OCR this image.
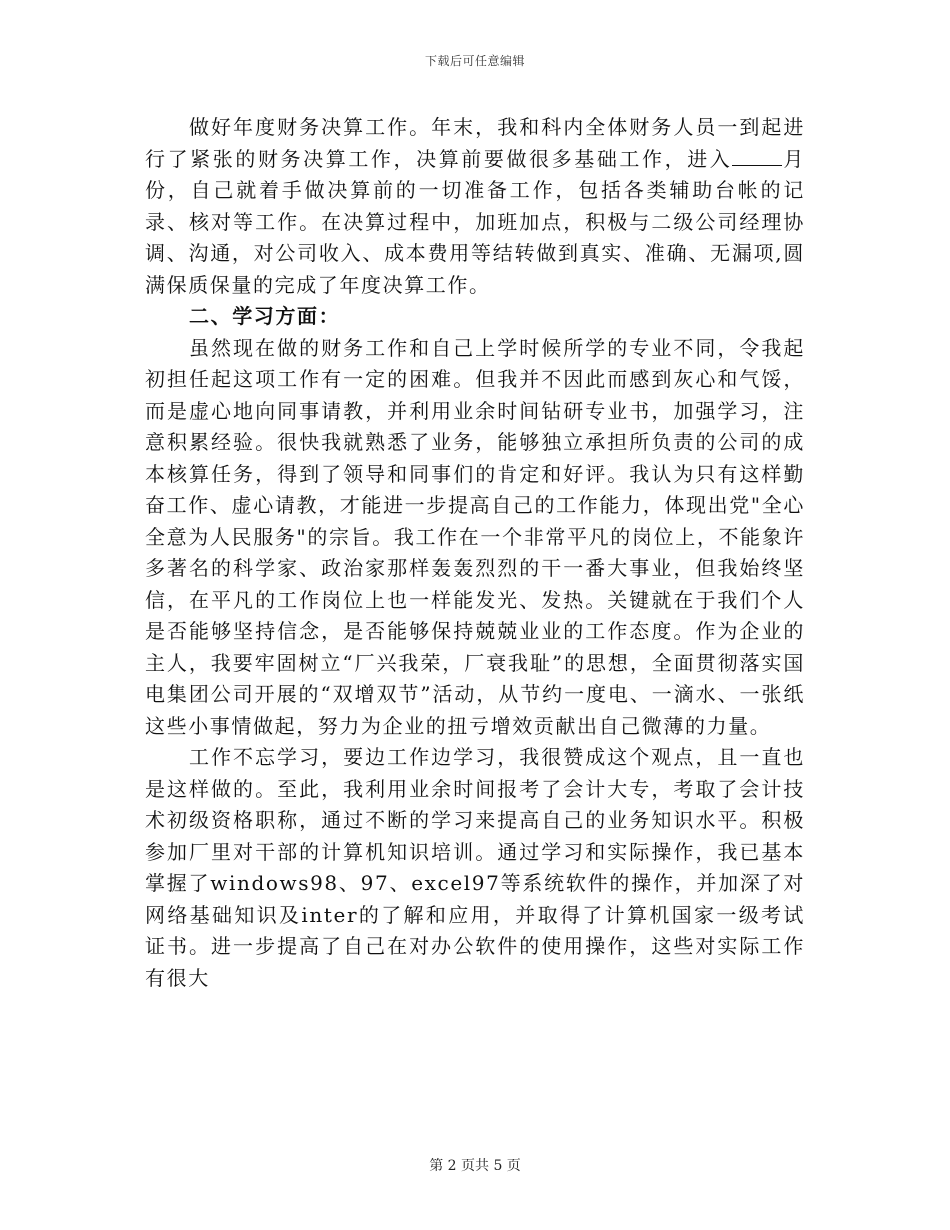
下载后可任意编辑

做好年度财务决算工作。年末，我和科内全体财务人员一到起进行了紧张的财务决算工作，决算前要做很多基础工作，进入	月份，自己就着手做决算前的一切准备工作，包括各类辅助台帐的记录、核对等工作。在决算过程中，加班加点，积极与二级公司经理协调、沟通，对公司收入、成本费用等结转做到真实、准确、无漏项,圆满保质保量的完成了年度决算工作。

二、学习方面：

虽然现在做的财务工作和自己上学时候所学的专业不同，令我起初担任起这项工作有一定的困难。但我并不因此而感到灰心和气馁，而是虚心地向同事请教，并利用业余时间钻研专业书，加强学习，注意积累经验。很快我就熟悉了业务，能够独立承担所负责的公司的成本核算任务，得到了领导和同事们的肯定和好评。我认为只有这样勤奋工作、虚心请教，才能进一步提高自己的工作能力，体现出党"全心全意为人民服务"的宗旨。我工作在一个非常平凡的岗位上，不能象许多著名的科学家、政治家那样轰轰烈烈的干一番大事业，但我始终坚信，在平凡的工作岗位上也一样能发光、发热。关键就在于我们个人是否能够坚持信念，是否能够保持兢兢业业的工作态度。作为企业的主人，我要牢固树立“厂兴我荣，厂衰我耻”的思想，全面贯彻落实国电集团公司开展的“双增双节”活动，从节约一度电、一滴水、一张纸这些小事情做起，努力为企业的扭亏增效贡献出自己微薄的力量。

工作不忘学习，要边工作边学习，我很赞成这个观点，且一直也是这样做的。至此，我利用业余时间报考了会计大专，考取了会计技术初级资格职称，通过不断的学习来提高自己的业务知识水平。积极参加厂里对干部的计算机知识培训。通过学习和实际操作，我已基本掌握了windows98、97、excel97等系统软件的操作，并加深了对网络基础知识及inter的了解和应用，并取得了计算机国家一级考试证书。进一步提高了自己在对办公软件的使用操作，这些对实际工作有很大

第 2 页共 5 页
